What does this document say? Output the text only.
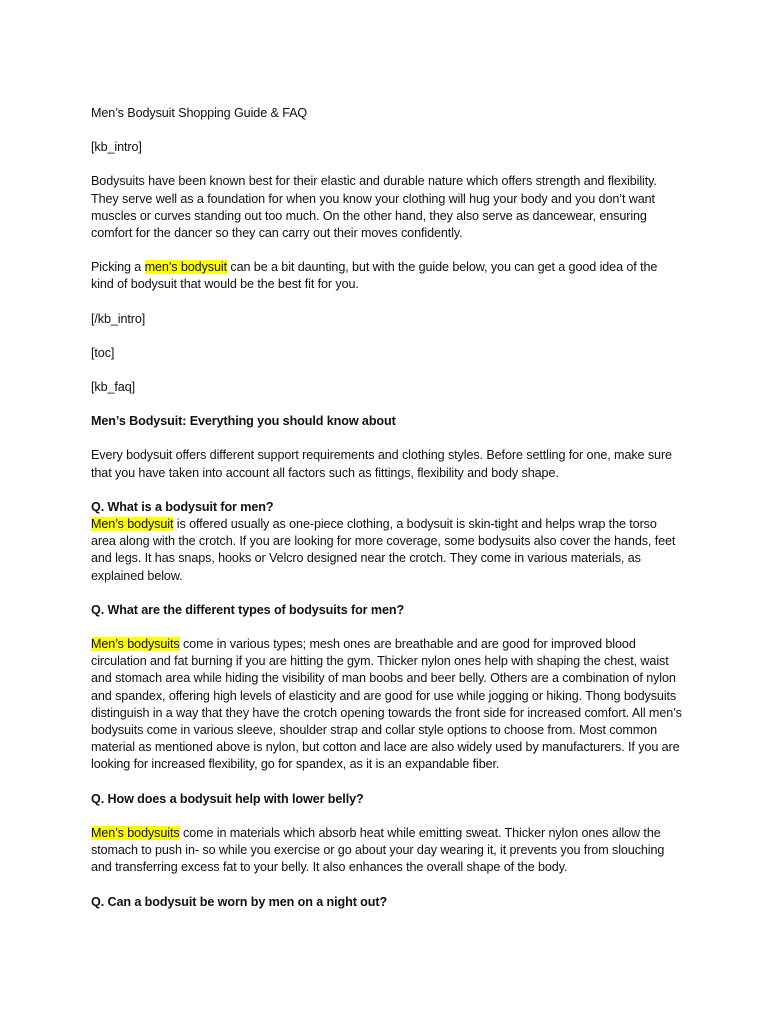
Men’s Bodysuit Shopping Guide & FAQ

[kb_intro]

Bodysuits have been known best for their elastic and durable nature which offers strength and flexibility. They serve well as a foundation for when you know your clothing will hug your body and you don’t want muscles or curves standing out too much. On the other hand, they also serve as dancewear, ensuring comfort for the dancer so they can carry out their moves confidently.

Picking a men’s bodysuit can be a bit daunting, but with the guide below, you can get a good idea of the kind of bodysuit that would be the best fit for you.

[/kb_intro]

[toc]

[kb_faq]

Men’s Bodysuit: Everything you should know about

Every bodysuit offers different support requirements and clothing styles. Before settling for one, make sure that you have taken into account all factors such as fittings, flexibility and body shape.

Q. What is a bodysuit for men?

Men’s bodysuit is offered usually as one-piece clothing, a bodysuit is skin-tight and helps wrap the torso area along with the crotch. If you are looking for more coverage, some bodysuits also cover the hands, feet and legs. It has snaps, hooks or Velcro designed near the crotch. They come in various materials, as explained below.

Q. What are the different types of bodysuits for men?

Men’s bodysuits come in various types; mesh ones are breathable and are good for improved blood circulation and fat burning if you are hitting the gym. Thicker nylon ones help with shaping the chest, waist and stomach area while hiding the visibility of man boobs and beer belly. Others are a combination of nylon and spandex, offering high levels of elasticity and are good for use while jogging or hiking. Thong bodysuits distinguish in a way that they have the crotch opening towards the front side for increased comfort. All men’s bodysuits come in various sleeve, shoulder strap and collar style options to choose from. Most common material as mentioned above is nylon, but cotton and lace are also widely used by manufacturers. If you are looking for increased flexibility, go for spandex, as it is an expandable fiber.

Q. How does a bodysuit help with lower belly?

Men’s bodysuits come in materials which absorb heat while emitting sweat. Thicker nylon ones allow the stomach to push in- so while you exercise or go about your day wearing it, it prevents you from slouching and transferring excess fat to your belly. It also enhances the overall shape of the body.

Q. Can a bodysuit be worn by men on a night out?
